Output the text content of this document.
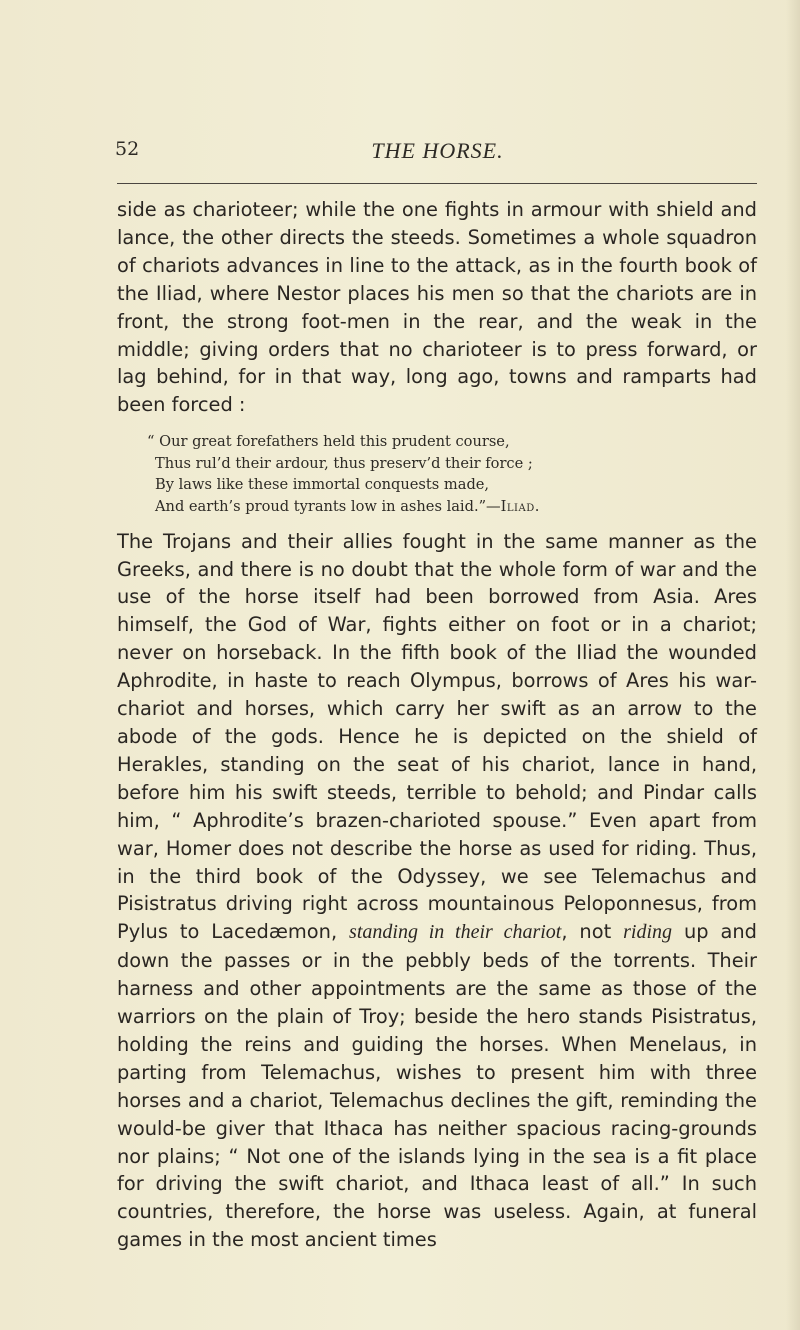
52	THE HORSE.

side as charioteer; while the one fights in armour with shield and lance, the other directs the steeds. Sometimes a whole squadron of chariots advances in line to the attack, as in the fourth book of the Iliad, where Nestor places his men so that the chariots are in front, the strong foot-men in the rear, and the weak in the middle; giving orders that no charioteer is to press forward, or lag behind, for in that way, long ago, towns and ramparts had been forced :

“ Our great forefathers held this prudent course,
Thus rul’d their ardour, thus preserv’d their force ;
By laws like these immortal conquests made,
And earth’s proud tyrants low in ashes laid.”—Iliad.

The Trojans and their allies fought in the same manner as the Greeks, and there is no doubt that the whole form of war and the use of the horse itself had been borrowed from Asia. Ares himself, the God of War, fights either on foot or in a chariot; never on horseback. In the fifth book of the Iliad the wounded Aphrodite, in haste to reach Olympus, borrows of Ares his war-chariot and horses, which carry her swift as an arrow to the abode of the gods. Hence he is depicted on the shield of Herakles, standing on the seat of his chariot, lance in hand, before him his swift steeds, terrible to behold; and Pindar calls him, “ Aphrodite’s brazen-charioted spouse.” Even apart from war, Homer does not describe the horse as used for riding. Thus, in the third book of the Odyssey, we see Telemachus and Pisistratus driving right across mountainous Peloponnesus, from Pylus to Lacedæmon, standing in their chariot, not riding up and down the passes or in the pebbly beds of the torrents. Their harness and other appointments are the same as those of the warriors on the plain of Troy; beside the hero stands Pisistratus, holding the reins and guiding the horses. When Menelaus, in parting from Telemachus, wishes to present him with three horses and a chariot, Telemachus declines the gift, reminding the would-be giver that Ithaca has neither spacious racing-grounds nor plains; “ Not one of the islands lying in the sea is a fit place for driving the swift chariot, and Ithaca least of all.” In such countries, therefore, the horse was useless. Again, at funeral games in the most ancient times
